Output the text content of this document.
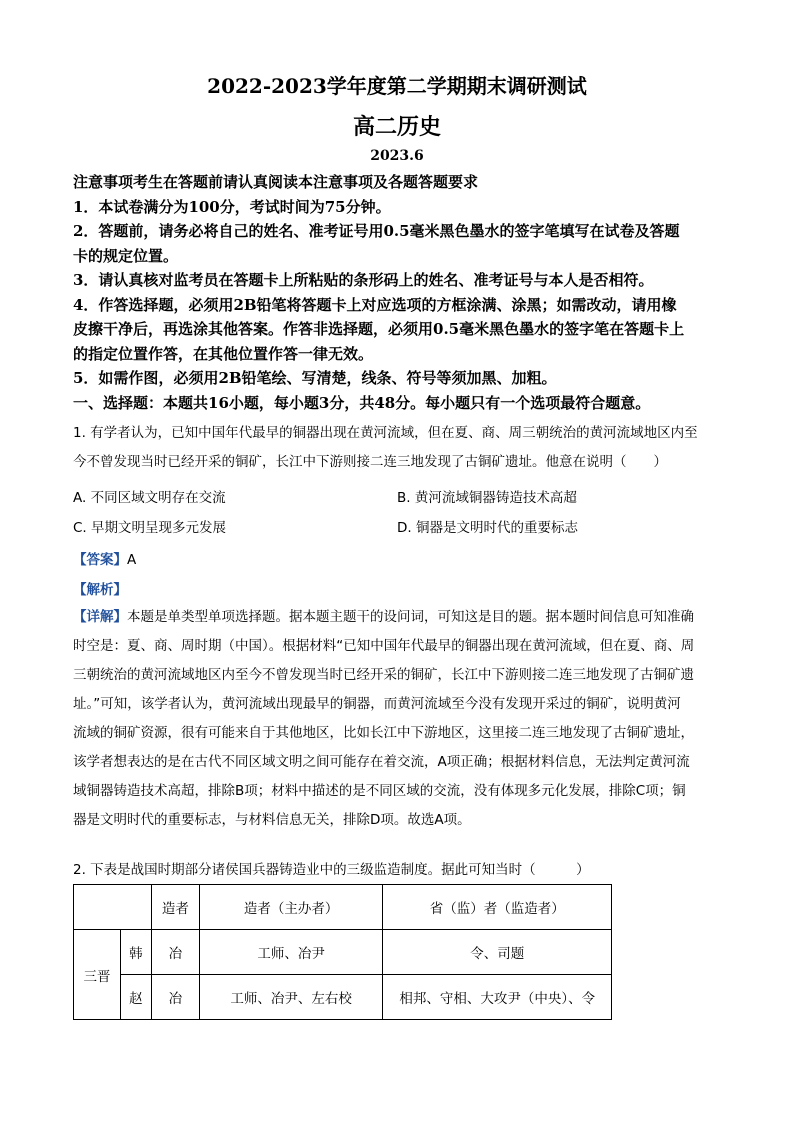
2022-2023学年度第二学期期末调研测试
高二历史
2023.6
注意事项考生在答题前请认真阅读本注意事项及各题答题要求
1．本试卷满分为100分，考试时间为75分钟。
2．答题前，请务必将自己的姓名、准考证号用0.5毫米黑色墨水的签字笔填写在试卷及答题
卡的规定位置。
3．请认真核对监考员在答题卡上所粘贴的条形码上的姓名、准考证号与本人是否相符。
4．作答选择题，必须用2B铅笔将答题卡上对应选项的方框涂满、涂黑；如需改动，请用橡
皮擦干净后，再选涂其他答案。作答非选择题，必须用0.5毫米黑色墨水的签字笔在答题卡上
的指定位置作答，在其他位置作答一律无效。
5．如需作图，必须用2B铅笔绘、写清楚，线条、符号等须加黑、加粗。
一、选择题：本题共16小题，每小题3分，共48分。每小题只有一个选项最符合题意。
1. 有学者认为，已知中国年代最早的铜器出现在黄河流域，但在夏、商、周三朝统治的黄河流域地区内至
今不曾发现当时已经开采的铜矿，长江中下游则接二连三地发现了古铜矿遗址。他意在说明（　　）
A. 不同区域文明存在交流	B. 黄河流域铜器铸造技术高超
C. 早期文明呈现多元发展	D. 铜器是文明时代的重要标志
【答案】A
【解析】
【详解】本题是单类型单项选择题。据本题主题干的设问词，可知这是目的题。据本题时间信息可知准确
时空是：夏、商、周时期（中国）。根据材料“已知中国年代最早的铜器出现在黄河流域，但在夏、商、周
三朝统治的黄河流域地区内至今不曾发现当时已经开采的铜矿，长江中下游则接二连三地发现了古铜矿遗
址。”可知，该学者认为，黄河流域出现最早的铜器，而黄河流域至今没有发现开采过的铜矿，说明黄河
流域的铜矿资源，很有可能来自于其他地区，比如长江中下游地区，这里接二连三地发现了古铜矿遗址，
该学者想表达的是在古代不同区域文明之间可能存在着交流，A项正确；根据材料信息，无法判定黄河流
域铜器铸造技术高超，排除B项；材料中描述的是不同区域的交流，没有体现多元化发展，排除C项；铜
器是文明时代的重要标志，与材料信息无关，排除D项。故选A项。
2. 下表是战国时期部分诸侯国兵器铸造业中的三级监造制度。据此可知当时（　　　）
		造者	造者（主办者）	省（监）者（监造者）
三晋	韩	冶	工师、冶尹	令、司题
	赵	冶	工师、冶尹、左右校	相邦、守相、大攻尹（中央）、令
